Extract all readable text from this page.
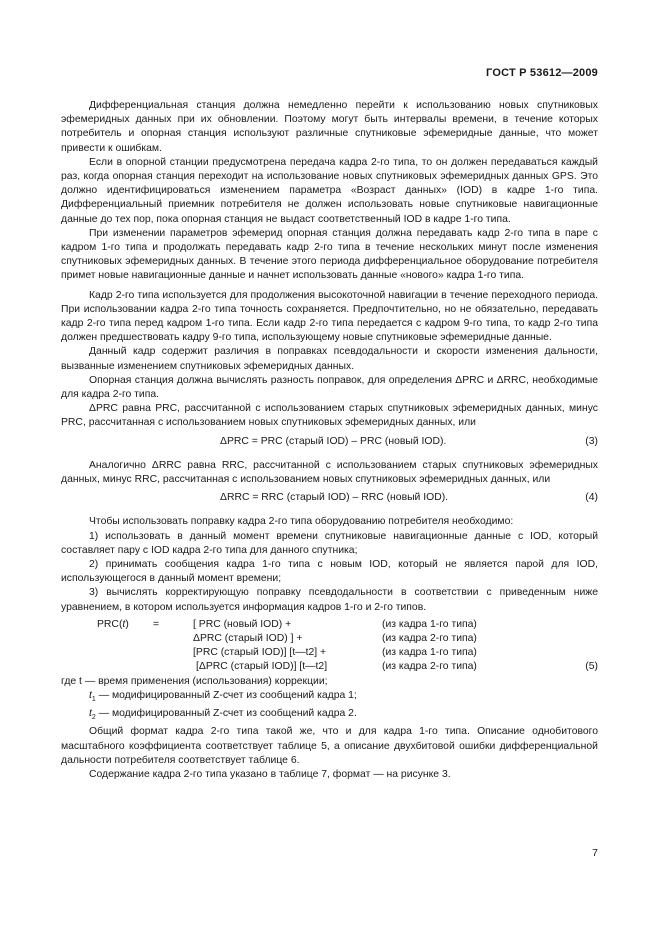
ГОСТ Р 53612—2009

Дифференциальная станция должна немедленно перейти к использованию новых спутниковых эфемеридных данных при их обновлении. Поэтому могут быть интервалы времени, в течение которых потребитель и опорная станция используют различные спутниковые эфемеридные данные, что может привести к ошибкам.

Если в опорной станции предусмотрена передача кадра 2-го типа, то он должен передаваться каждый раз, когда опорная станция переходит на использование новых спутниковых эфемеридных данных GPS. Это должно идентифицироваться изменением параметра «Возраст данных» (IOD) в кадре 1-го типа. Дифференциальный приемник потребителя не должен использовать новые спутниковые навигационные данные до тех пор, пока опорная станция не выдаст соответственный IOD в кадре 1-го типа.

При изменении параметров эфемерид опорная станция должна передавать кадр 2-го типа в паре с кадром 1-го типа и продолжать передавать кадр 2-го типа в течение нескольких минут после изменения спутниковых эфемеридных данных. В течение этого периода дифференциальное оборудование потребителя примет новые навигационные данные и начнет использовать данные «нового» кадра 1-го типа.

Кадр 2-го типа используется для продолжения высокоточной навигации в течение переходного периода. При использовании кадра 2-го типа точность сохраняется. Предпочтительно, но не обязательно, передавать кадр 2-го типа перед кадром 1-го типа. Если кадр 2-го типа передается с кадром 9-го типа, то кадр 2-го типа должен предшествовать кадру 9-го типа, использующему новые спутниковые эфемеридные данные.

Данный кадр содержит различия в поправках псевдодальности и скорости изменения дальности, вызванные изменением спутниковых эфемеридных данных.

Опорная станция должна вычислять разность поправок, для определения ΔPRC и ΔRRC, необходимые для кадра 2-го типа.

ΔPRC равна PRC, рассчитанной с использованием старых спутниковых эфемеридных данных, минус PRC, рассчитанная с использованием новых спутниковых эфемеридных данных, или

ΔPRC = PRC (старый IOD) – PRC (новый IOD).	(3)

Аналогично ΔRRC равна RRC, рассчитанной с использованием старых спутниковых эфемеридных данных, минус RRC, рассчитанная с использованием новых спутниковых эфемеридных данных, или

ΔRRC = RRC (старый IOD) – RRC (новый IOD).	(4)

Чтобы использовать поправку кадра 2-го типа оборудованию потребителя необходимо:

1) использовать в данный момент времени спутниковые навигационные данные с IOD, который составляет пару с IOD кадра 2-го типа для данного спутника;

2) принимать сообщения кадра 1-го типа с новым IOD, который не является парой для IOD, использующегося в данный момент времени;

3) вычислять корректирующую поправку псевдодальности в соответствии с приведенным ниже уравнением, в котором используется информация кадров 1-го и 2-го типов.

	PRC(t)	=	[ PRC (новый IOD) +	(из кадра 1-го типа)	
			ΔPRC (старый IOD) ] +	(из кадра 2-го типа)	
			[PRC (старый IOD)] [t—t2] +	(из кадра 1-го типа)	
			[ΔPRC (старый IOD)] [t—t2]	(из кадра 2-го типа)	(5)

где t — время применения (использования) коррекции;

$t_1$ — модифицированный Z-счет из сообщений кадра 1;

$t_2$ — модифицированный Z-счет из сообщений кадра 2.

Общий формат кадра 2-го типа такой же, что и для кадра 1-го типа. Описание однобитового масштабного коэффициента соответствует таблице 5, а описание двухбитовой ошибки дифференциальной дальности потребителя соответствует таблице 6.

Содержание кадра 2-го типа указано в таблице 7, формат — на рисунке 3.

7
